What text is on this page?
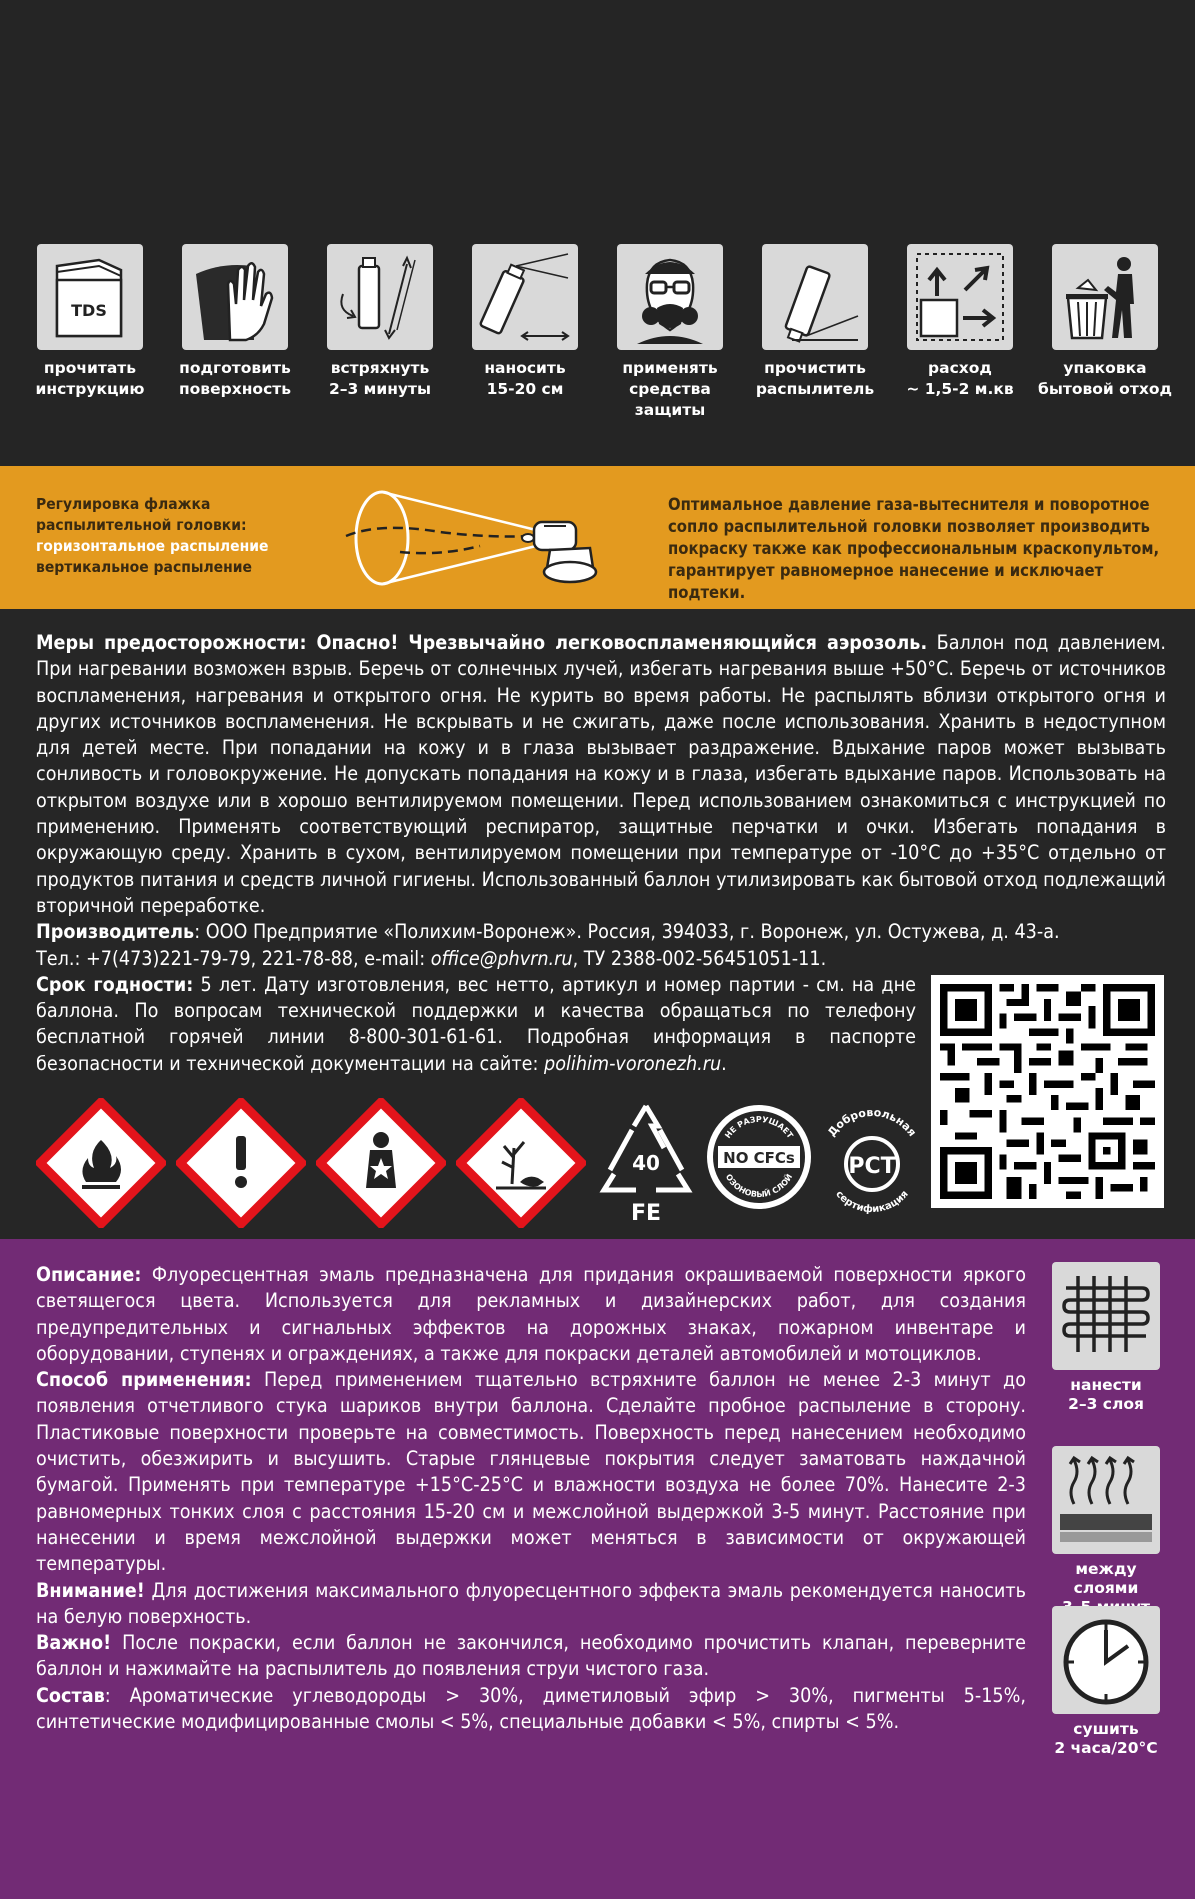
TDS
прочитать
инструкцию
подготовить
поверхность
встряхнуть
2–3 минуты
наносить
15-20 см
применять
средства защиты
прочистить
распылитель
расход
~ 1,5-2 м.кв
упаковка
бытовой отход
Регулировка флажка
распылительной головки:
горизонтальное распыление
вертикальное распыление
Оптимальное давление газа-вытеснителя и поворотное сопло распылительной головки позволяет производить покраску также как профессиональным краскопультом, гарантирует равномерное нанесение и исключает подтеки.
Меры предосторожности: Опасно! Чрезвычайно легковоспламеняющийся аэрозоль. Баллон под давлением. При нагревании возможен взрыв. Беречь от солнечных лучей, избегать нагревания выше +50°С. Беречь от источников воспламенения, нагревания и открытого огня. Не курить во время работы. Не распылять вблизи открытого огня и других источников воспламенения. Не вскрывать и не сжигать, даже после использования. Хранить в недоступном для детей месте. При попадании на кожу и в глаза вызывает раздражение. Вдыхание паров может вызывать сонливость и головокружение. Не допускать попадания на кожу и в глаза, избегать вдыхание паров. Использовать на открытом воздухе или в хорошо вентилируемом помещении. Перед использованием ознакомиться с инструкцией по применению. Применять соответствующий респиратор, защитные перчатки и очки. Избегать попадания в окружающую среду. Хранить в сухом, вентилируемом помещении при температуре от -10°С до +35°С отдельно от продуктов питания и средств личной гигиены. Использованный баллон утилизировать как бытовой отход подлежащий вторичной переработке.
Производитель: ООО Предприятие «Полихим-Воронеж». Россия, 394033, г. Воронеж, ул. Остужева, д. 43-а.
Тел.: +7(473)221-79-79, 221-78-88, e-mail: office@phvrn.ru, ТУ 2388-002-56451051-11.
Срок годности: 5 лет. Дату изготовления, вес нетто, артикул и номер партии - см. на дне баллона. По вопросам технической поддержки и качества обращаться по телефону бесплатной горячей линии 8-800-301-61-61. Подробная информация в паспорте безопасности и технической документации на сайте: polihim-voronezh.ru.
40
FE
НЕ РАЗРУШАЕТ
ОЗОНОВЫЙ СЛОЙ
NO CFCs
Добровольная
сертификация
РСТ
Описание: Флуоресцентная эмаль предназначена для придания окрашиваемой поверхности яркого светящегося цвета. Используется для рекламных и дизайнерских работ, для создания предупредительных и сигнальных эффектов на дорожных знаках, пожарном инвентаре и оборудовании, ступенях и ограждениях, а также для покраски деталей автомобилей и мотоциклов.
Способ применения: Перед применением тщательно встряхните баллон не менее 2-3 минут до появления отчетливого стука шариков внутри баллона. Сделайте пробное распыление в сторону. Пластиковые поверхности проверьте на совместимость. Поверхность перед нанесением необходимо очистить, обезжирить и высушить. Старые глянцевые покрытия следует заматовать наждачной бумагой. Применять при температуре +15°С-25°С и влажности воздуха не более 70%. Нанесите 2-3 равномерных тонких слоя с расстояния 15-20 см и межслойной выдержкой 3-5 минут. Расстояние при нанесении и время межслойной выдержки может меняться в зависимости от окружающей температуры.
Внимание! Для достижения максимального флуоресцентного эффекта эмаль рекомендуется наносить на белую поверхность.
Важно! После покраски, если баллон не закончился, необходимо прочистить клапан, переверните баллон и нажимайте на распылитель до появления струи чистого газа.
Состав: Ароматические углеводороды > 30%, диметиловый эфир > 30%, пигменты 5-15%, синтетические модифицированные смолы < 5%, специальные добавки < 5%, спирты < 5%.
нанести
2–3 слоя
между слоями

сушить
2 часа/20°С
